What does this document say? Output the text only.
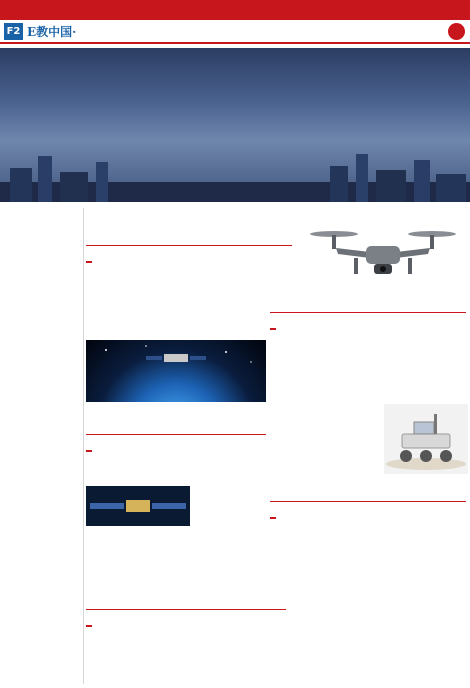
F2 E教中国·
